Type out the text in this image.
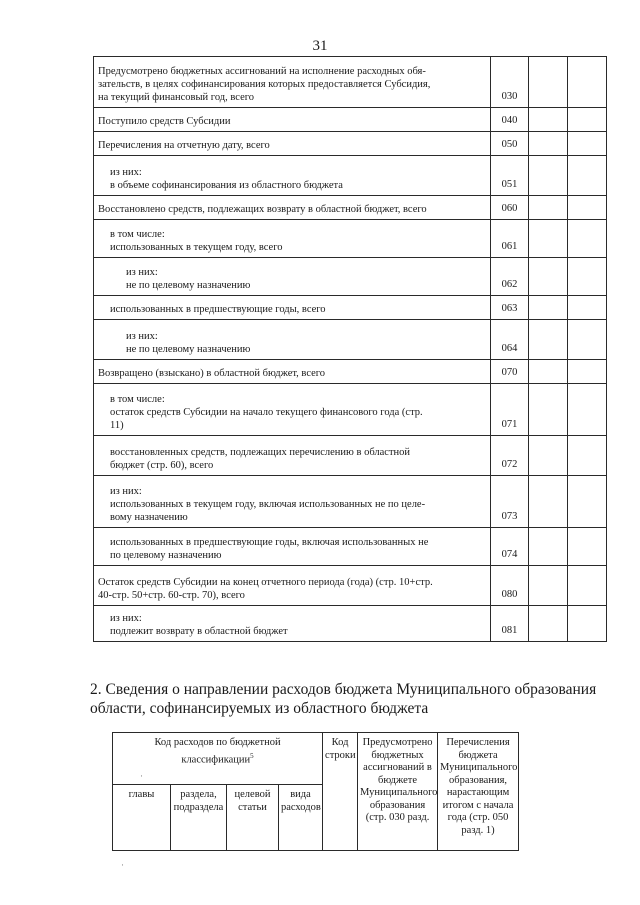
31
Предусмотрено бюджетных ассигнований на исполнение расходных обя-
зательств, в целях софинансирования которых предоставляется Субсидия,
на текущий финансовый год, всего	030		

Поступило средств Субсидии	040		

Перечисления на отчетную дату, всего	050		

из них:
в объеме софинансирования из областного бюджета	051		

Восстановлено средств, подлежащих возврату в областной бюджет, всего	060		

в том числе:
использованных в текущем году, всего	061		

из них:
не по целевому назначению	062		

использованных в предшествующие годы, всего	063		

из них:
не по целевому назначению	064		

Возвращено (взыскано) в областной бюджет, всего	070		

в том числе:
остаток средств Субсидии на начало текущего финансового года (стр.
11)	071		

восстановленных средств, подлежащих перечислению в областной
бюджет (стр. 60), всего	072		

из них:
использованных в текущем году, включая использованных не по целе-
вому назначению	073		

использованных в предшествующие годы, включая использованных не
по целевому назначению	074		

Остаток средств Субсидии на конец отчетного периода (года) (стр. 10+стр.
40-стр. 50+стр. 60-стр. 70), всего	080		

из них:
подлежит возврату в областной бюджет	081		
2. Сведения о направлении расходов бюджета Муниципального образования области, софинансируемых из областного бюджета
Код расходов по бюджетной классификации$^5$				Код строки	Предусмотрено бюджетных ассигнований в бюджете Муниципального образования (стр. 030 разд.	Перечисления бюджета Муниципального образования, нарастающим итогом с начала года (стр. 050 разд. 1)
главы	раздела, подраздела	целевой статьи	вида расходов			
·
·
